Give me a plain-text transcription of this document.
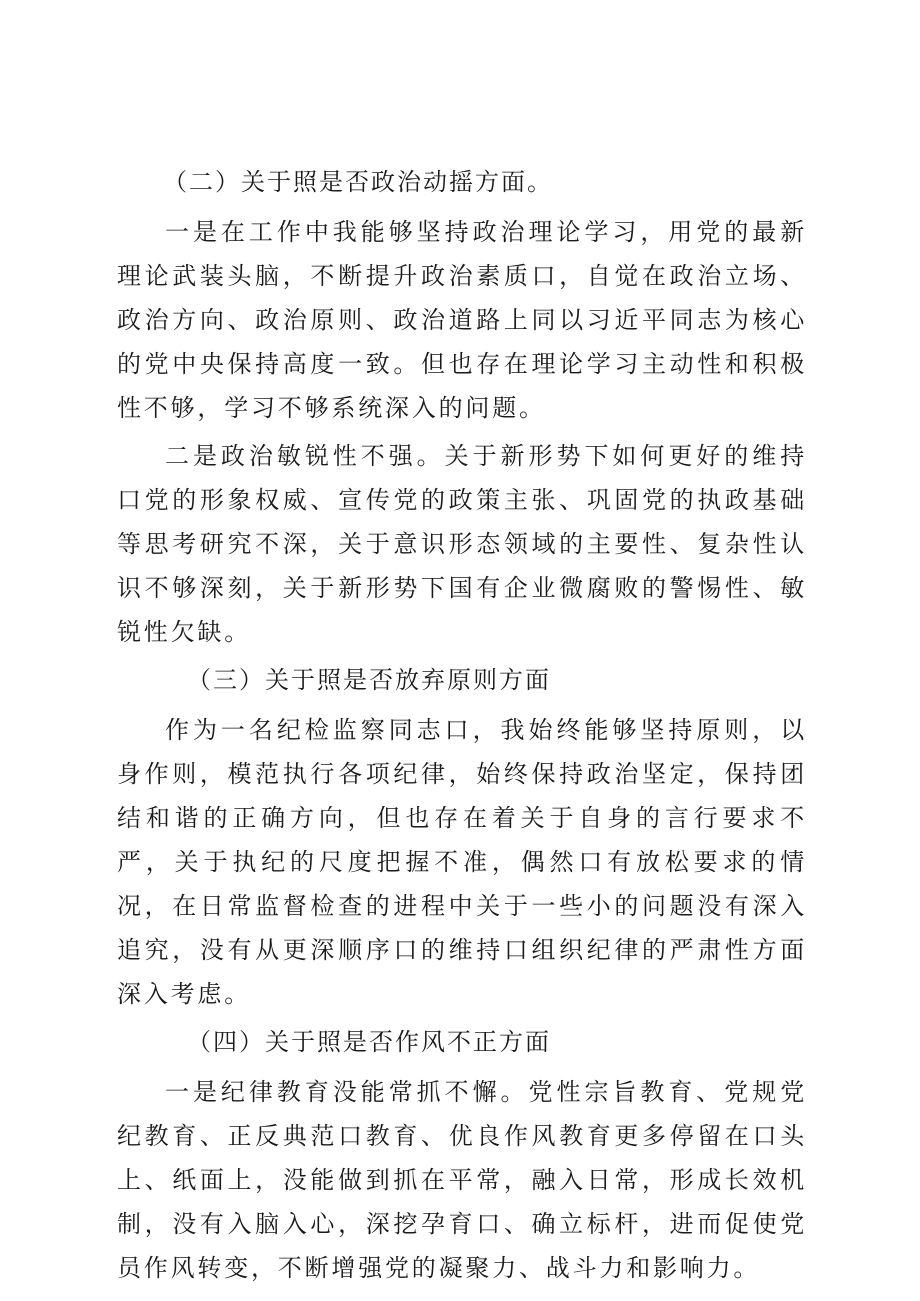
（二）关于照是否政治动摇方面。

一是在工作中我能够坚持政治理论学习，用党的最新理论武装头脑，不断提升政治素质口，自觉在政治立场、政治方向、政治原则、政治道路上同以习近平同志为核心的党中央保持高度一致。但也存在理论学习主动性和积极性不够，学习不够系统深入的问题。

二是政治敏锐性不强。关于新形势下如何更好的维持口党的形象权威、宣传党的政策主张、巩固党的执政基础等思考研究不深，关于意识形态领域的主要性、复杂性认识不够深刻，关于新形势下国有企业微腐败的警惕性、敏锐性欠缺。

（三）关于照是否放弃原则方面

作为一名纪检监察同志口，我始终能够坚持原则，以身作则，模范执行各项纪律，始终保持政治坚定，保持团结和谐的正确方向，但也存在着关于自身的言行要求不严，关于执纪的尺度把握不准，偶然口有放松要求的情况，在日常监督检查的进程中关于一些小的问题没有深入追究，没有从更深顺序口的维持口组织纪律的严肃性方面深入考虑。

（四）关于照是否作风不正方面

一是纪律教育没能常抓不懈。党性宗旨教育、党规党纪教育、正反典范口教育、优良作风教育更多停留在口头上、纸面上，没能做到抓在平常，融入日常，形成长效机制，没有入脑入心，深挖孕育口、确立标杆，进而促使党员作风转变，不断增强党的凝聚力、战斗力和影响力。
